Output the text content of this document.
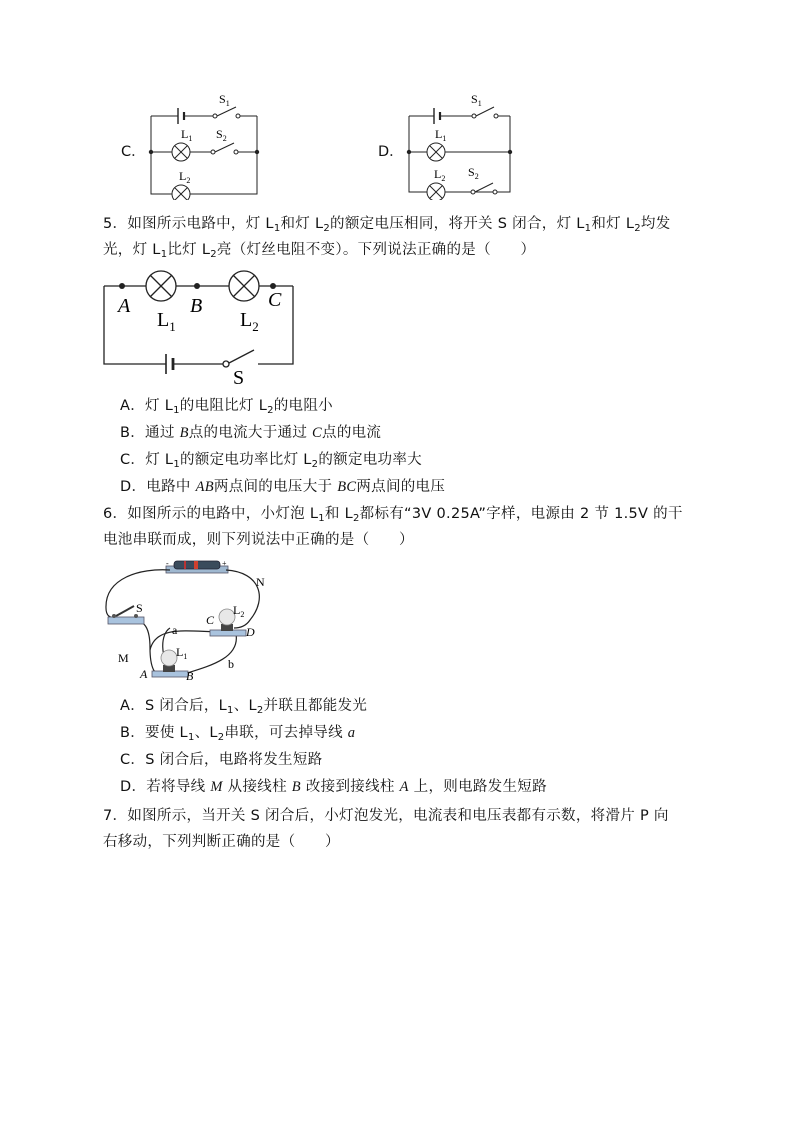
C．
$S_1$
$S_2$
$L_1$
$L_2$
D．
$S_1$
$S_2$
$L_1$
$L_2$
5．如图所示电路中，灯 $L_1$和灯 $L_2$的额定电压相同，将开关 S 闭合，灯 $L_1$和灯 $L_2$均发
光，灯 $L_1$比灯 $L_2$亮（灯丝电阻不变）。下列说法正确的是（　　）
A	B	C
$L_1$	$L_2$
S
A．灯 $L_1$的电阻比灯 $L_2$的电阻小
B．通过 B点的电流大于通过 C点的电流
C．灯 $L_1$的额定电功率比灯 $L_2$的额定电功率大
D．电路中 AB两点间的电压大于 BC两点间的电压
6．如图所示的电路中，小灯泡 $L_1$和 $L_2$都标有“3V 0.25A”字样，电源由 2 节 1.5V 的干
电池串联而成，则下列说法中正确的是（　　）
-	+
N
S
C
D
$L_2$
a
M	$L_1$
b
A	B
A．S 闭合后，$L_1$、$L_2$并联且都能发光
B．要使 $L_1$、$L_2$串联，可去掉导线 a
C．S 闭合后，电路将发生短路
D．若将导线 M 从接线柱 B 改接到接线柱 A 上，则电路发生短路
7．如图所示，当开关 S 闭合后，小灯泡发光，电流表和电压表都有示数，将滑片 P 向
右移动，下列判断正确的是（　　）
